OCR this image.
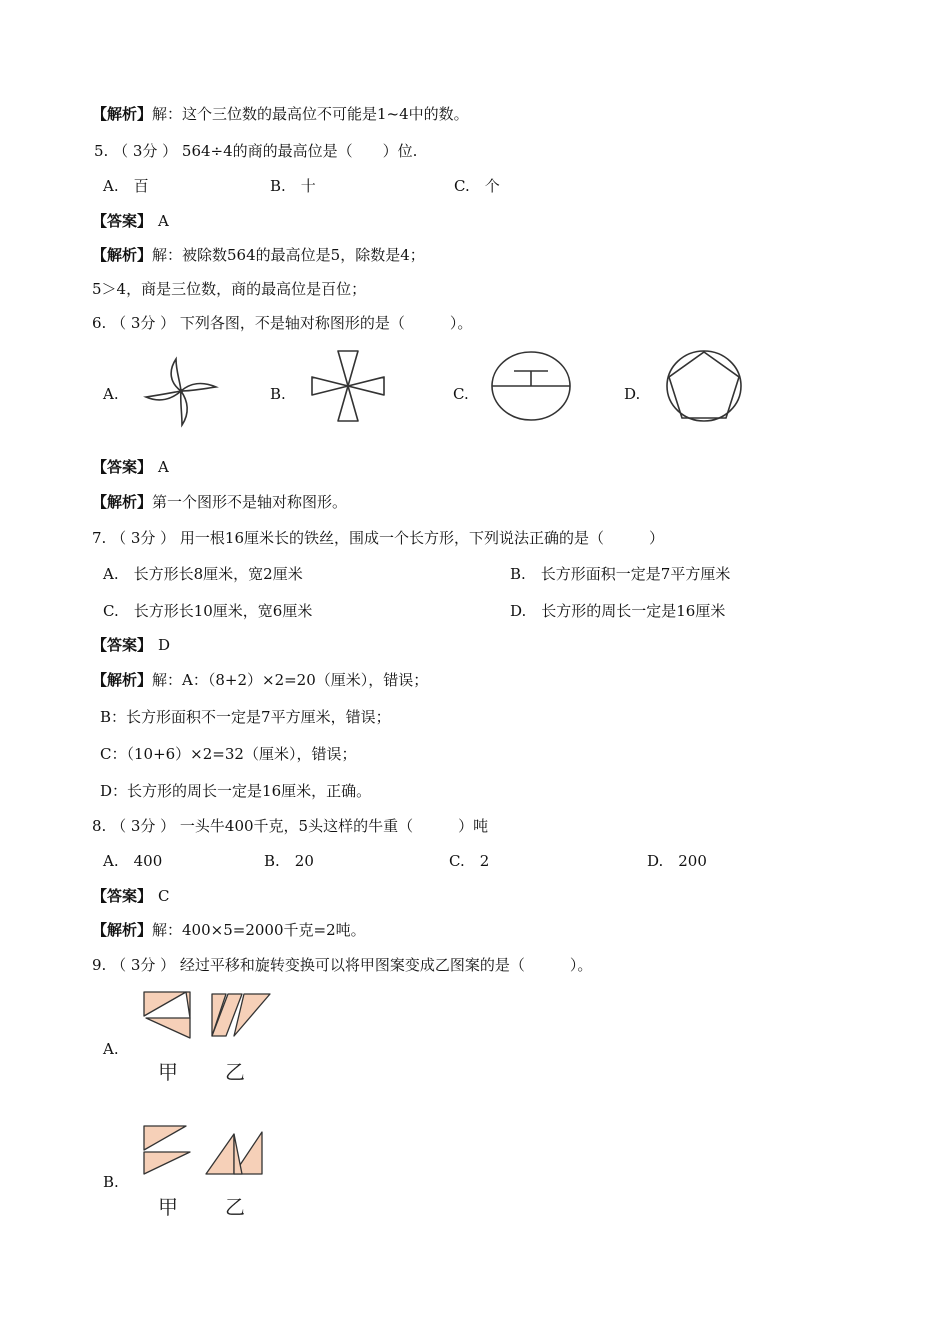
【解析】解：这个三位数的最高位不可能是1~4中的数。
5. （ 3分 ） 564÷4的商的最高位是（　　）位.
A.　百	B.　十	C.　个
【答案】 A
【解析】解：被除数564的最高位是5，除数是4；
5＞4，商是三位数，商的最高位是百位；
6. （ 3分 ） 下列各图，不是轴对称图形的是（　　　）。
A.	B.	C.	D.
【答案】 A
【解析】第一个图形不是轴对称图形。
7. （ 3分 ） 用一根16厘米长的铁丝，围成一个长方形，下列说法正确的是（　　　）
A.　长方形长8厘米，宽2厘米	B.　长方形面积一定是7平方厘米
C.　长方形长10厘米，宽6厘米	D.　长方形的周长一定是16厘米
【答案】 D
【解析】解：A：（8+2）×2=20（厘米），错误；
B：长方形面积不一定是7平方厘米，错误；
C：（10+6）×2=32（厘米），错误；
D：长方形的周长一定是16厘米，正确。
8. （ 3分 ） 一头牛400千克，5头这样的牛重（　　　）吨
A.　400	B.　20	C.　2	D.　200
【答案】 C
【解析】解：400×5=2000千克=2吨。
9. （ 3分 ） 经过平移和旋转变换可以将甲图案变成乙图案的是（　　　）。
A.
甲 乙
B.
甲 乙
